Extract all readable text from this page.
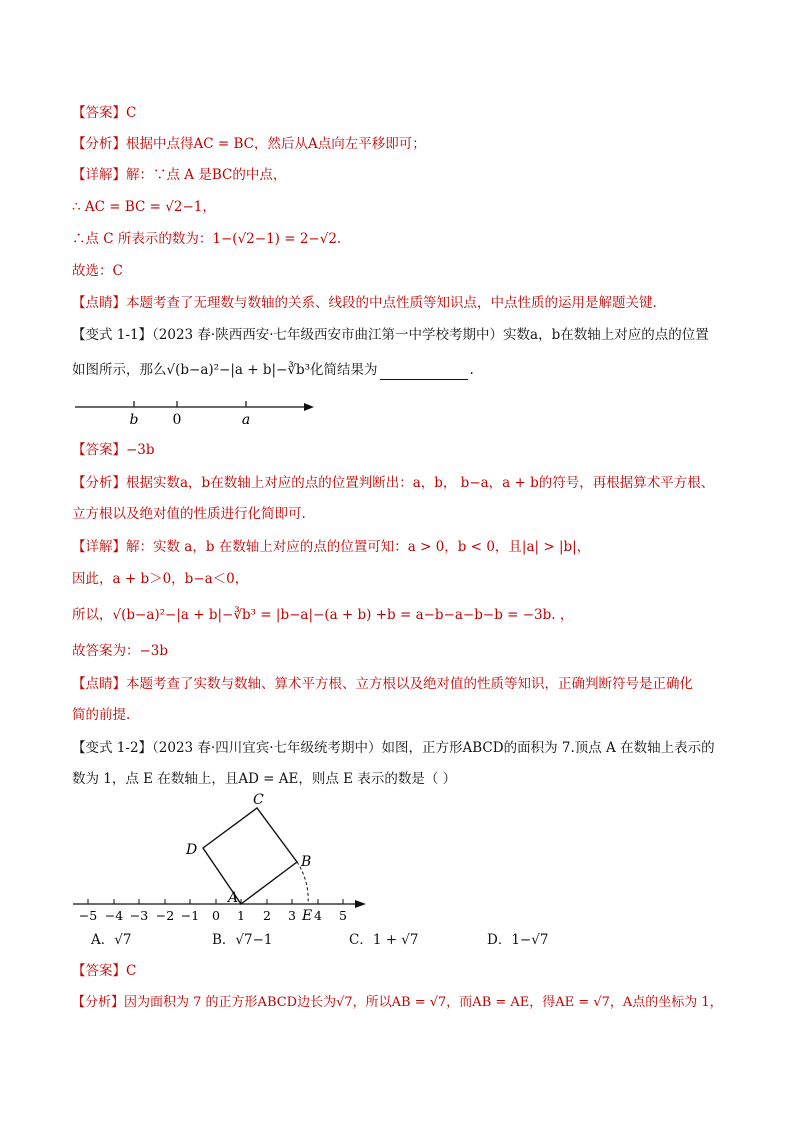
【答案】C
【分析】根据中点得AC = BC，然后从A点向左平移即可；
【详解】解：∵点 A 是BC的中点，
∴ AC = BC = √2−1，
∴点 C 所表示的数为：1−(√2−1) = 2−√2.
故选：C
【点睛】本题考查了无理数与数轴的关系、线段的中点性质等知识点，中点性质的运用是解题关键.
【变式 1-1】（2023 春·陕西西安·七年级西安市曲江第一中学校考期中）实数a，b在数轴上对应的点的位置
如图所示，那么√(b−a)²−|a + b|−∛b³化简结果为	.
b 0	a
【答案】−3b
【分析】根据实数a，b在数轴上对应的点的位置判断出：a，b， b−a，a + b的符号，再根据算术平方根、
立方根以及绝对值的性质进行化简即可.
【详解】解：实数 a，b 在数轴上对应的点的位置可知：a > 0，b < 0，且|a| > |b|，
因此，a + b＞0，b−a＜0，
所以，√(b−a)²−|a + b|−∛b³ = |b−a|−(a + b) +b = a−b−a−b−b = −3b. ，
故答案为：−3b
【点睛】本题考查了实数与数轴、算术平方根、立方根以及绝对值的性质等知识，正确判断符号是正确化
简的前提.
【变式 1-2】（2023 春·四川宜宾·七年级统考期中）如图，正方形ABCD的面积为 7.顶点 A 在数轴上表示的
数为 1，点 E 在数轴上，且AD = AE，则点 E 表示的数是（ ）
−5 −4 −3 −2 −1 0 1 2 3 4 5
C
D
B
A
E
A．√7	B．√7−1	C．1 + √7	D．1−√7
【答案】C
【分析】因为面积为 7 的正方形ABCD边长为√7，所以AB = √7，而AB = AE，得AE = √7，A点的坐标为 1，
